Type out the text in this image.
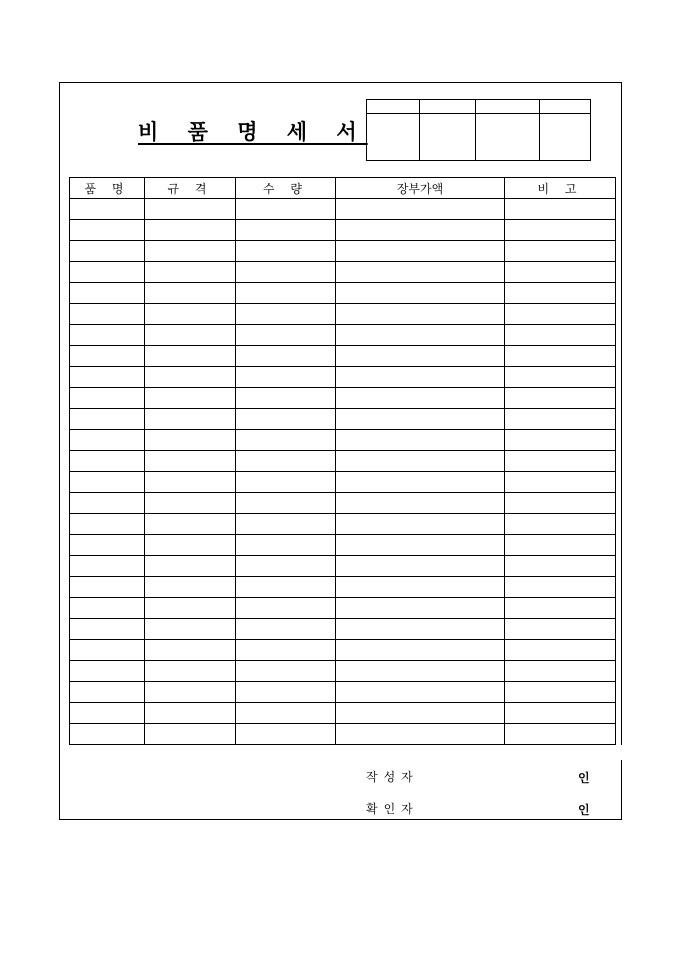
비 품 명 세 서

품 명	규 격	수 량	장부가액	비 고

작성자	인
확인자	인
